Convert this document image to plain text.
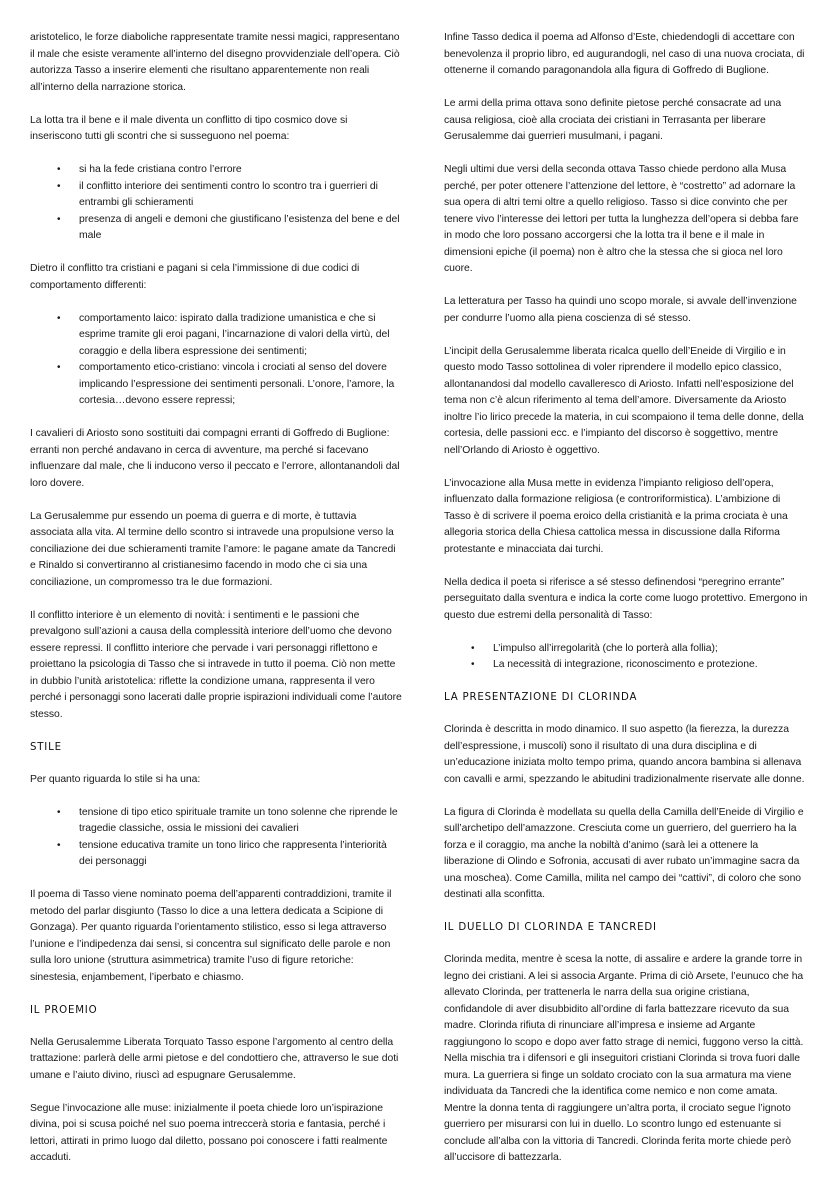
aristotelico, le forze diaboliche rappresentate tramite nessi magici, rappresentano il male che esiste veramente all’interno del disegno provvidenziale dell’opera. Ciò autorizza Tasso a inserire elementi che risultano apparentemente non reali all’interno della narrazione storica.

La lotta tra il bene e il male diventa un conflitto di tipo cosmico dove si inseriscono tutti gli scontri che si susseguono nel poema:

• si ha la fede cristiana contro l’errore
• il conflitto interiore dei sentimenti contro lo scontro tra i guerrieri di entrambi gli schieramenti
• presenza di angeli e demoni che giustificano l’esistenza del bene e del male

Dietro il conflitto tra cristiani e pagani si cela l’immissione di due codici di comportamento differenti:

• comportamento laico: ispirato dalla tradizione umanistica e che si esprime tramite gli eroi pagani, l’incarnazione di valori della virtù, del coraggio e della libera espressione dei sentimenti;
• comportamento etico-cristiano: vincola i crociati al senso del dovere implicando l’espressione dei sentimenti personali. L’onore, l’amore, la cortesia…devono essere repressi;

I cavalieri di Ariosto sono sostituiti dai compagni erranti di Goffredo di Buglione: erranti non perché andavano in cerca di avventure, ma perché si facevano influenzare dal male, che li inducono verso il peccato e l’errore, allontanandoli dal loro dovere.

La Gerusalemme pur essendo un poema di guerra e di morte, è tuttavia associata alla vita. Al termine dello scontro si intravede una propulsione verso la conciliazione dei due schieramenti tramite l’amore: le pagane amate da Tancredi e Rinaldo si convertiranno al cristianesimo facendo in modo che ci sia una conciliazione, un compromesso tra le due formazioni.

Il conflitto interiore è un elemento di novità: i sentimenti e le passioni che prevalgono sull’azioni a causa della complessità interiore dell’uomo che devono essere repressi. Il conflitto interiore che pervade i vari personaggi riflettono e proiettano la psicologia di Tasso che si intravede in tutto il poema. Ciò non mette in dubbio l’unità aristotelica: riflette la condizione umana, rappresenta il vero perché i personaggi sono lacerati dalle proprie ispirazioni individuali come l’autore stesso.

STILE

Per quanto riguarda lo stile si ha una:

• tensione di tipo etico spirituale tramite un tono solenne che riprende le tragedie classiche, ossia le missioni dei cavalieri
• tensione educativa tramite un tono lirico che rappresenta l’interiorità dei personaggi

Il poema di Tasso viene nominato poema dell’apparenti contraddizioni, tramite il metodo del parlar disgiunto (Tasso lo dice a una lettera dedicata a Scipione di Gonzaga). Per quanto riguarda l’orientamento stilistico, esso si lega attraverso l’unione e l’indipedenza dai sensi, si concentra sul significato delle parole e non sulla loro unione (struttura asimmetrica) tramite l’uso di figure retoriche: sinestesia, enjambement, l’iperbato e chiasmo.

IL PROEMIO

Nella Gerusalemme Liberata Torquato Tasso espone l’argomento al centro della trattazione: parlerà delle armi pietose e del condottiero che, attraverso le sue doti umane e l’aiuto divino, riuscì ad espugnare Gerusalemme.

Segue l’invocazione alle muse: inizialmente il poeta chiede loro un’ispirazione divina, poi si scusa poiché nel suo poema intreccerà storia e fantasia, perché i lettori, attirati in primo luogo dal diletto, possano poi conoscere i fatti realmente accaduti.

Infine Tasso dedica il poema ad Alfonso d’Este, chiedendogli di accettare con benevolenza il proprio libro, ed augurandogli, nel caso di una nuova crociata, di ottenerne il comando paragonandola alla figura di Goffredo di Buglione.

Le armi della prima ottava sono definite pietose perché consacrate ad una causa religiosa, cioè alla crociata dei cristiani in Terrasanta per liberare Gerusalemme dai guerrieri musulmani, i pagani.

Negli ultimi due versi della seconda ottava Tasso chiede perdono alla Musa perché, per poter ottenere l’attenzione del lettore, è “costretto” ad adornare la sua opera di altri temi oltre a quello religioso. Tasso si dice convinto che per tenere vivo l’interesse dei lettori per tutta la lunghezza dell’opera si debba fare in modo che loro possano accorgersi che la lotta tra il bene e il male in dimensioni epiche (il poema) non è altro che la stessa che si gioca nel loro cuore.

La letteratura per Tasso ha quindi uno scopo morale, si avvale dell’invenzione per condurre l’uomo alla piena coscienza di sé stesso.

L’incipit della Gerusalemme liberata ricalca quello dell’Eneide di Virgilio e in questo modo Tasso sottolinea di voler riprendere il modello epico classico, allontanandosi dal modello cavalleresco di Ariosto. Infatti nell’esposizione del tema non c’è alcun riferimento al tema dell’amore. Diversamente da Ariosto inoltre l’io lirico precede la materia, in cui scompaiono il tema delle donne, della cortesia, delle passioni ecc. e l’impianto del discorso è soggettivo, mentre nell’Orlando di Ariosto è oggettivo.

L’invocazione alla Musa mette in evidenza l’impianto religioso dell’opera, influenzato dalla formazione religiosa (e controriformistica). L’ambizione di Tasso è di scrivere il poema eroico della cristianità e la prima crociata è una allegoria storica della Chiesa cattolica messa in discussione dalla Riforma protestante e minacciata dai turchi.

Nella dedica il poeta si riferisce a sé stesso definendosi “peregrino errante” perseguitato dalla sventura e indica la corte come luogo protettivo. Emergono in questo due estremi della personalità di Tasso:

• L’impulso all’irregolarità (che lo porterà alla follia);
• La necessità di integrazione, riconoscimento e protezione.
LA PRESENTAZIONE DI CLORINDA

Clorinda è descritta in modo dinamico. Il suo aspetto (la fierezza, la durezza dell’espressione, i muscoli) sono il risultato di una dura disciplina e di un’educazione iniziata molto tempo prima, quando ancora bambina si allenava con cavalli e armi, spezzando le abitudini tradizionalmente riservate alle donne.

La figura di Clorinda è modellata su quella della Camilla dell’Eneide di Virgilio e sull’archetipo dell’amazzone. Cresciuta come un guerriero, del guerriero ha la forza e il coraggio, ma anche la nobiltà d’animo (sarà lei a ottenere la liberazione di Olindo e Sofronia, accusati di aver rubato un’immagine sacra da una moschea). Come Camilla, milita nel campo dei “cattivi”, di coloro che sono destinati alla sconfitta.

IL DUELLO DI CLORINDA E TANCREDI

Clorinda medita, mentre è scesa la notte, di assalire e ardere la grande torre in legno dei cristiani. A lei si associa Argante. Prima di ciò Arsete, l’eunuco che ha allevato Clorinda, per trattenerla le narra della sua origine cristiana, confidandole di aver disubbidito all’ordine di farla battezzare ricevuto da sua madre. Clorinda rifiuta di rinunciare all’impresa e insieme ad Argante raggiungono lo scopo e dopo aver fatto strage di nemici, fuggono verso la città. Nella mischia tra i difensori e gli inseguitori cristiani Clorinda si trova fuori dalle mura. La guerriera si finge un soldato crociato con la sua armatura ma viene individuata da Tancredi che la identifica come nemico e non come amata. Mentre la donna tenta di raggiungere un’altra porta, il crociato segue l’ignoto guerriero per misurarsi con lui in duello. Lo scontro lungo ed estenuante si conclude all’alba con la vittoria di Tancredi. Clorinda ferita morte chiede però all’uccisore di battezzarla.
